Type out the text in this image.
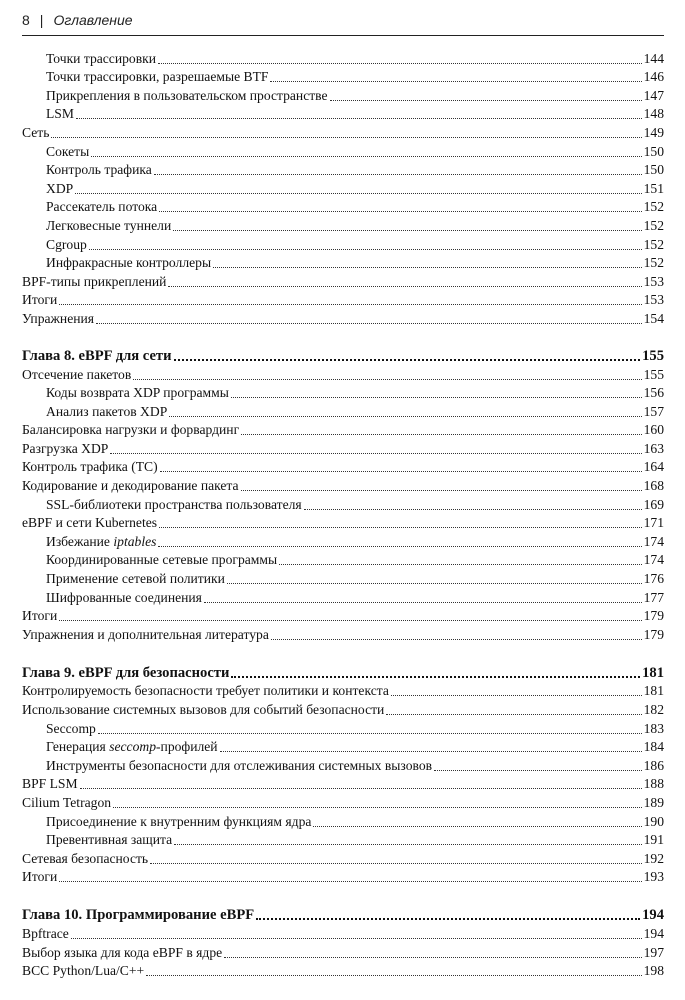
8 | Оглавление
Точки трассировки	144
Точки трассировки, разрешаемые BTF	146
Прикрепления в пользовательском пространстве	147
LSM	148
Сеть	149
Сокеты	150
Контроль трафика	150
XDP	151
Рассекатель потока	152
Легковесные туннели	152
Cgroup	152
Инфракрасные контроллеры	152
BPF-типы прикреплений	153
Итоги	153
Упражнения	154
Глава 8. eBPF для сети	155
Отсечение пакетов	155
Коды возврата XDP программы	156
Анализ пакетов XDP	157
Балансировка нагрузки и форвардинг	160
Разгрузка XDP	163
Контроль трафика (TC)	164
Кодирование и декодирование пакета	168
SSL-библиотеки пространства пользователя	169
eBPF и сети Kubernetes	171
Избежание iptables	174
Координированные сетевые программы	174
Применение сетевой политики	176
Шифрованные соединения	177
Итоги	179
Упражнения и дополнительная литература	179
Глава 9. eBPF для безопасности	181
Контролируемость безопасности требует политики и контекста	181
Использование системных вызовов для событий безопасности	182
Seccomp	183
Генерация seccomp-профилей	184
Инструменты безопасности для отслеживания системных вызовов	186
BPF LSM	188
Cilium Tetragon	189
Присоединение к внутренним функциям ядра	190
Превентивная защита	191
Сетевая безопасность	192
Итоги	193
Глава 10. Программирование eBPF	194
Bpftrace	194
Выбор языка для кода eBPF в ядре	197
BCC Python/Lua/C++	198
